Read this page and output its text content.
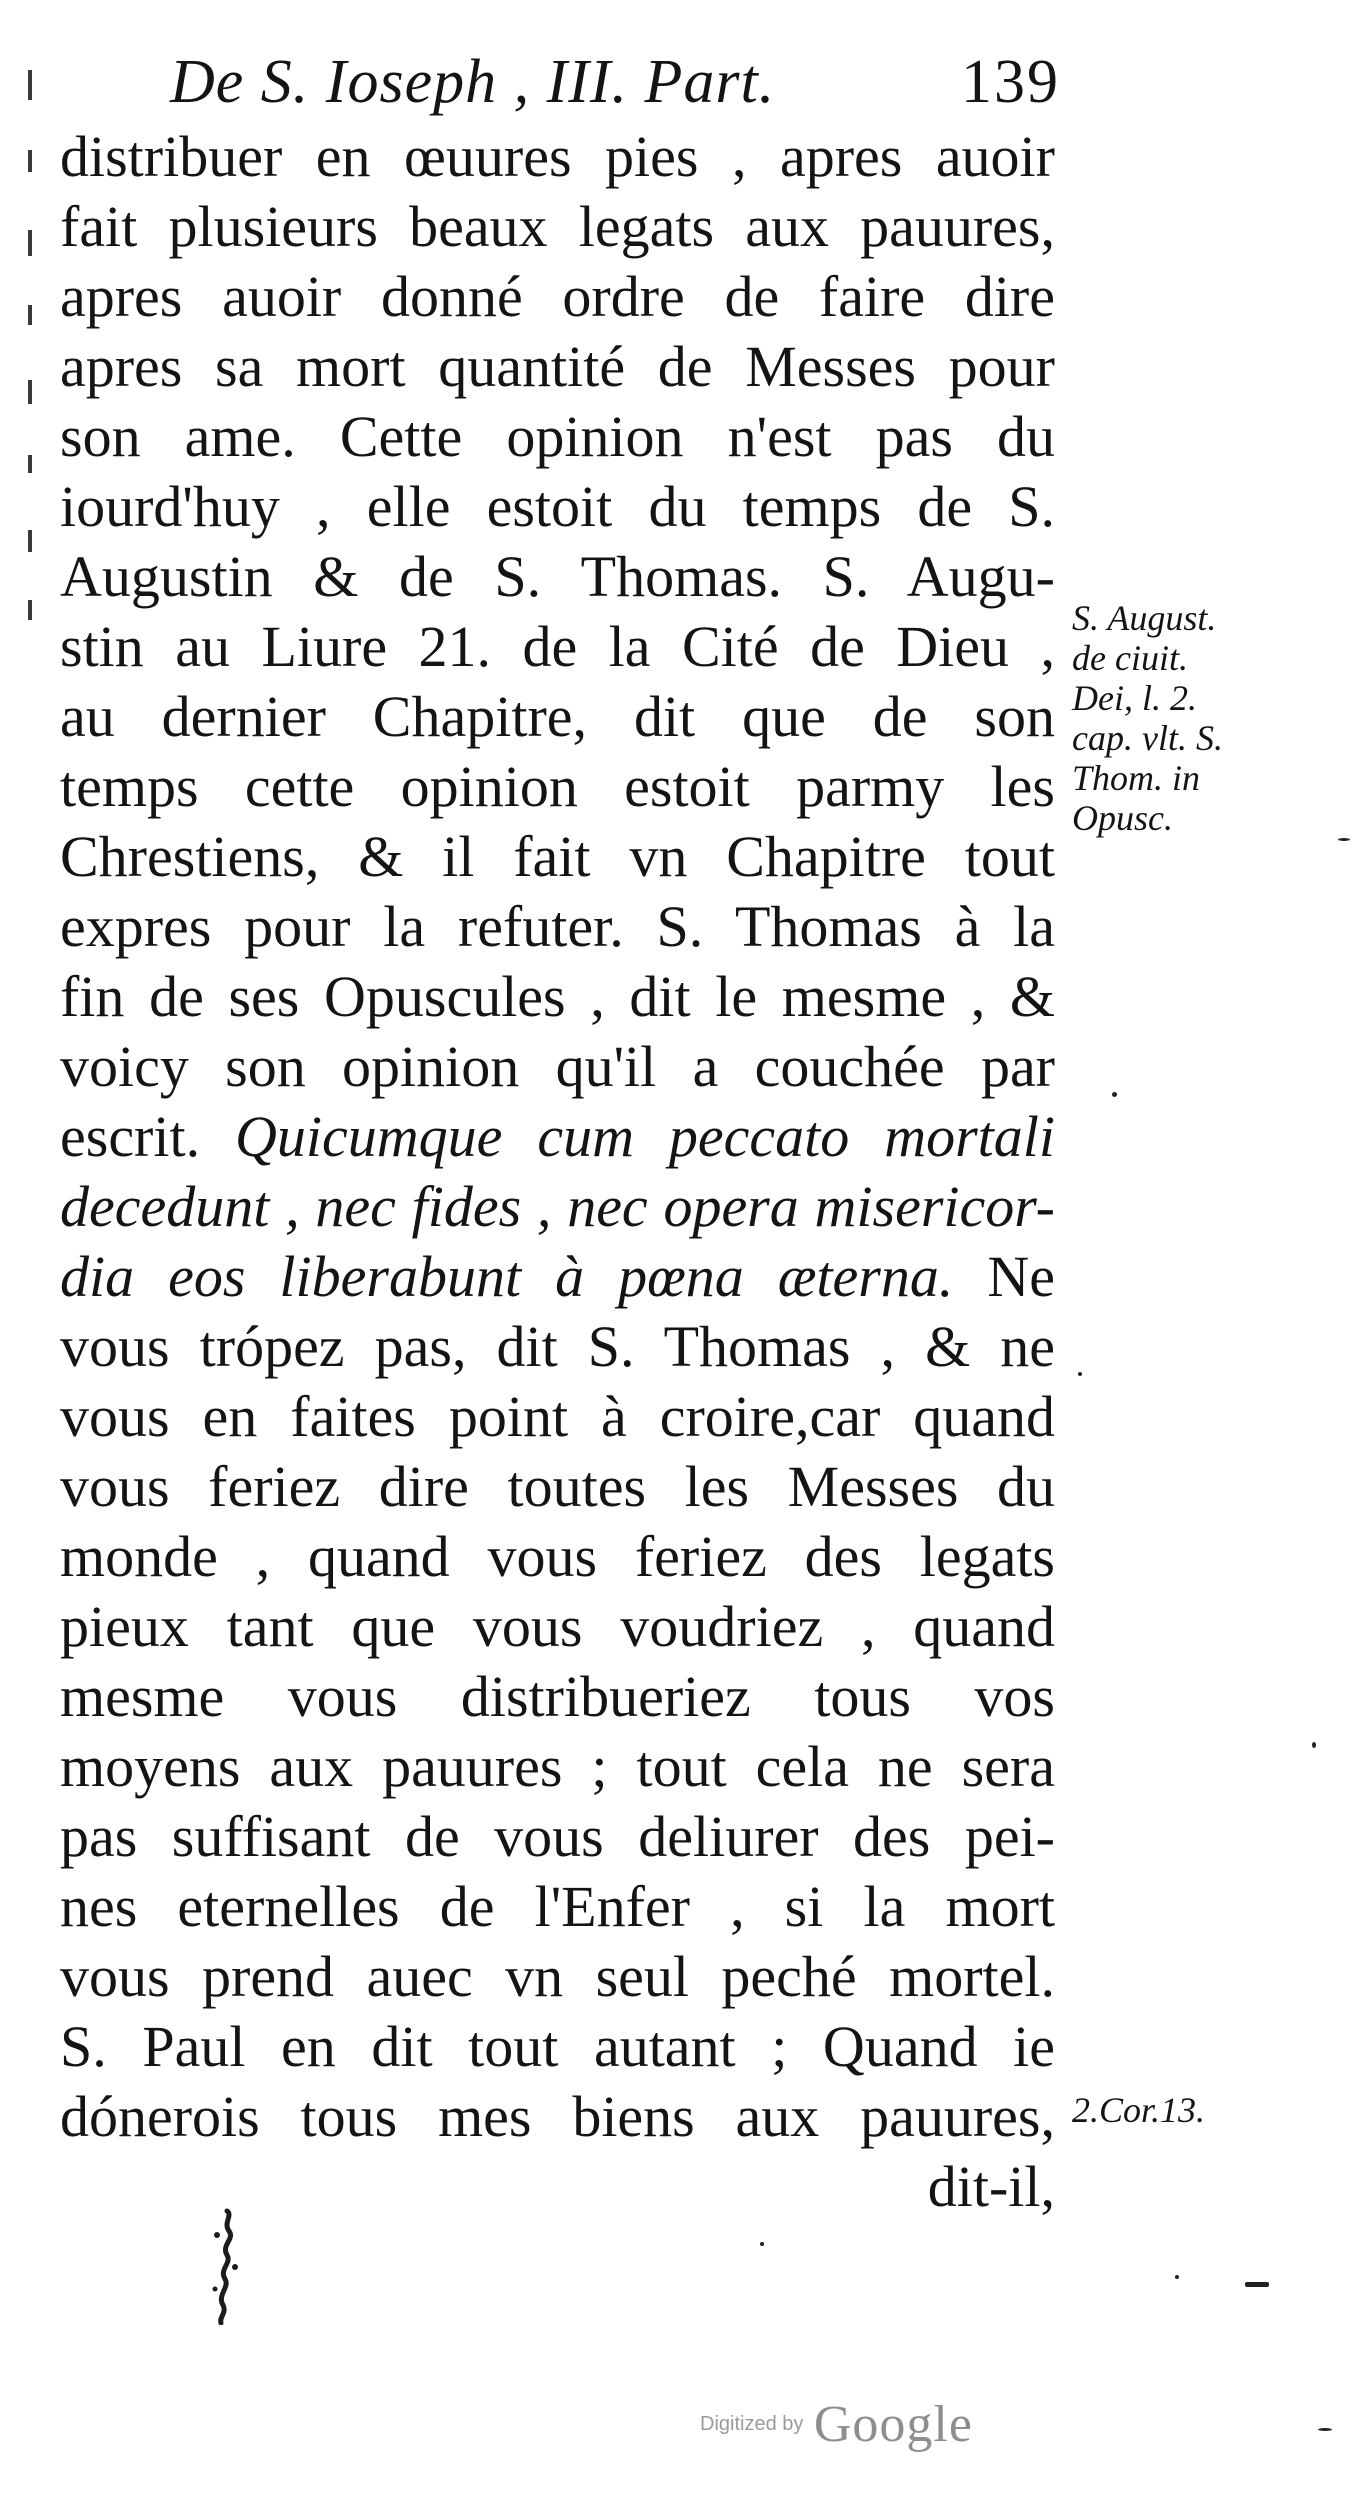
De S. Ioseph , III. Part.	139
distribuer en œuures pies , apres auoir
fait plusieurs beaux legats aux pauures,
apres auoir donné ordre de faire dire
apres sa mort quantité de Messes pour
son ame. Cette opinion n'est pas du
iourd'huy , elle estoit du temps de S.
Augustin & de S. Thomas. S. Augu-
stin au Liure 21. de la Cité de Dieu ,
au dernier Chapitre, dit que de son
temps cette opinion estoit parmy les
Chrestiens, & il fait vn Chapitre tout
expres pour la refuter. S. Thomas à la
fin de ses Opuscules , dit le mesme , &
voicy son opinion qu'il a couchée par
escrit. Quicumque cum peccato mortali
decedunt , nec fides , nec opera misericor-
dia eos liberabunt à pœna æterna. Ne
vous trópez pas, dit S. Thomas , & ne
vous en faites point à croire,car quand
vous feriez dire toutes les Messes du
monde , quand vous feriez des legats
pieux tant que vous voudriez , quand
mesme vous distribueriez tous vos
moyens aux pauures ; tout cela ne sera
pas suffisant de vous deliurer des pei-
nes eternelles de l'Enfer , si la mort
vous prend auec vn seul peché mortel.
S. Paul en dit tout autant ; Quand ie
dónerois tous mes biens aux pauures,
dit-il,
S. August.
de ciuit.
Dei, l. 2.
cap. vlt. S.
Thom. in
Opusc.
2.Cor.13.
Digitized by Google
